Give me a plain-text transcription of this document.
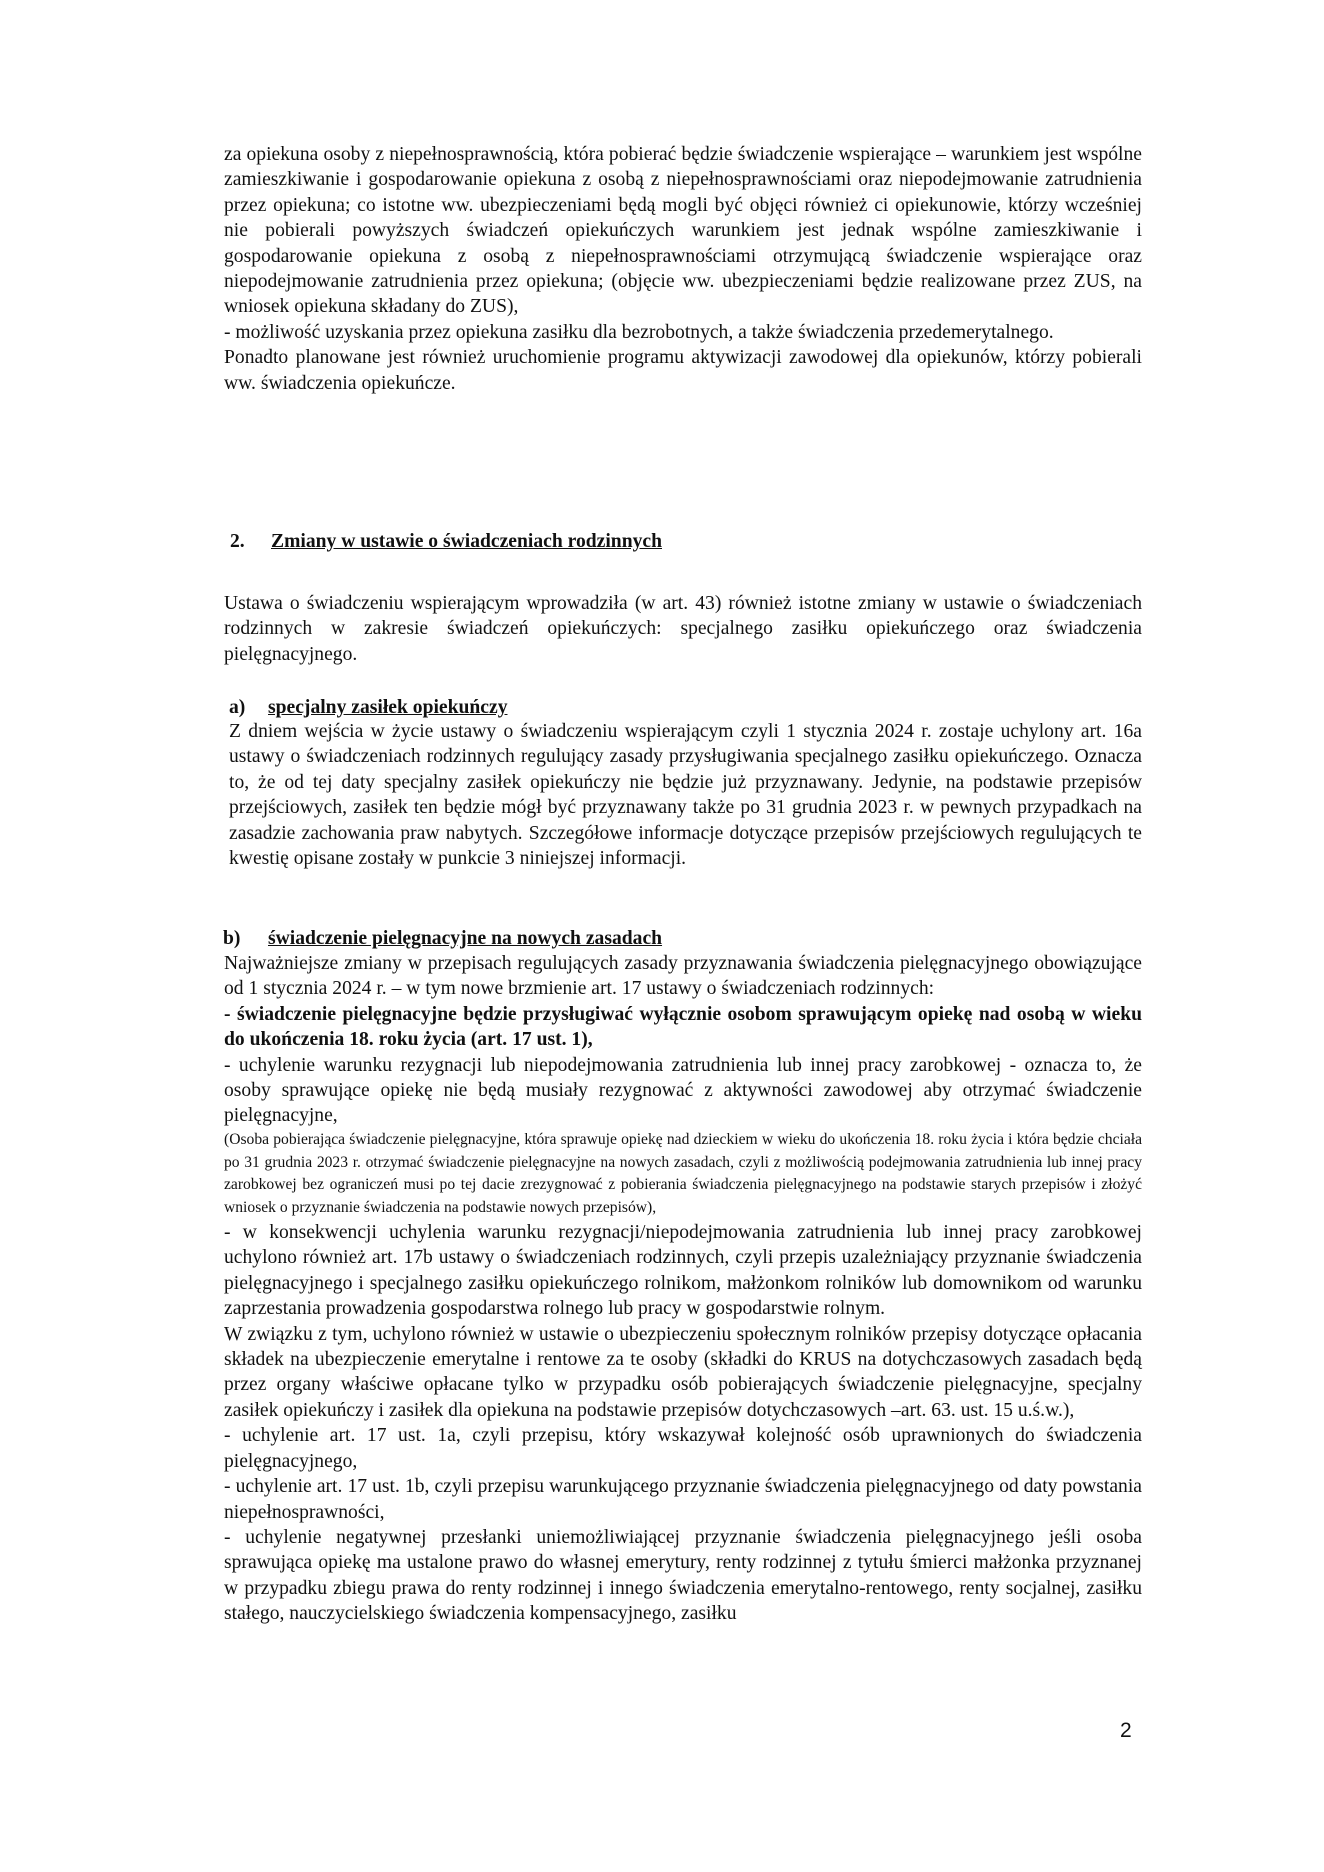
za opiekuna osoby z niepełnosprawnością, która pobierać będzie świadczenie wspierające – warunkiem jest wspólne zamieszkiwanie i gospodarowanie opiekuna z osobą z niepełnosprawnościami oraz niepodejmowanie zatrudnienia przez opiekuna; co istotne ww. ubezpieczeniami będą mogli być objęci również ci opiekunowie, którzy wcześniej nie pobierali powyższych świadczeń opiekuńczych warunkiem jest jednak wspólne zamieszkiwanie i gospodarowanie opiekuna z osobą z niepełnosprawnościami otrzymującą świadczenie wspierające oraz niepodejmowanie zatrudnienia przez opiekuna; (objęcie ww. ubezpieczeniami będzie realizowane przez ZUS, na wniosek opiekuna składany do ZUS),

- możliwość uzyskania przez opiekuna zasiłku dla bezrobotnych, a także świadczenia przedemerytalnego.

Ponadto planowane jest również uruchomienie programu aktywizacji zawodowej dla opiekunów, którzy pobierali ww. świadczenia opiekuńcze.

2. Zmiany w ustawie o świadczeniach rodzinnych

Ustawa o świadczeniu wspierającym wprowadziła (w art. 43) również istotne zmiany w ustawie o świadczeniach rodzinnych w zakresie świadczeń opiekuńczych: specjalnego zasiłku opiekuńczego oraz świadczenia pielęgnacyjnego.

a) specjalny zasiłek opiekuńczy

Z dniem wejścia w życie ustawy o świadczeniu wspierającym czyli 1 stycznia 2024 r. zostaje uchylony art. 16a ustawy o świadczeniach rodzinnych regulujący zasady przysługiwania specjalnego zasiłku opiekuńczego. Oznacza to, że od tej daty specjalny zasiłek opiekuńczy nie będzie już przyznawany. Jedynie, na podstawie przepisów przejściowych, zasiłek ten będzie mógł być przyznawany także po 31 grudnia 2023 r. w pewnych przypadkach na zasadzie zachowania praw nabytych. Szczegółowe informacje dotyczące przepisów przejściowych regulujących te kwestię opisane zostały w punkcie 3 niniejszej informacji.

b) świadczenie pielęgnacyjne na nowych zasadach

Najważniejsze zmiany w przepisach regulujących zasady przyznawania świadczenia pielęgnacyjnego obowiązujące od 1 stycznia 2024 r. – w tym nowe brzmienie art. 17 ustawy o świadczeniach rodzinnych:

- świadczenie pielęgnacyjne będzie przysługiwać wyłącznie osobom sprawującym opiekę nad osobą w wieku do ukończenia 18. roku życia (art. 17 ust. 1),

- uchylenie warunku rezygnacji lub niepodejmowania zatrudnienia lub innej pracy zarobkowej - oznacza to, że osoby sprawujące opiekę nie będą musiały rezygnować z aktywności zawodowej aby otrzymać świadczenie pielęgnacyjne,

(Osoba pobierająca świadczenie pielęgnacyjne, która sprawuje opiekę nad dzieckiem w wieku do ukończenia 18. roku życia i która będzie chciała po 31 grudnia 2023 r. otrzymać świadczenie pielęgnacyjne na nowych zasadach, czyli z możliwością podejmowania zatrudnienia lub innej pracy zarobkowej bez ograniczeń musi po tej dacie zrezygnować z pobierania świadczenia pielęgnacyjnego na podstawie starych przepisów i złożyć wniosek o przyznanie świadczenia na podstawie nowych przepisów),

- w konsekwencji uchylenia warunku rezygnacji/niepodejmowania zatrudnienia lub innej pracy zarobkowej uchylono również art. 17b ustawy o świadczeniach rodzinnych, czyli przepis uzależniający przyznanie świadczenia pielęgnacyjnego i specjalnego zasiłku opiekuńczego rolnikom, małżonkom rolników lub domownikom od warunku zaprzestania prowadzenia gospodarstwa rolnego lub pracy w gospodarstwie rolnym.

W związku z tym, uchylono również w ustawie o ubezpieczeniu społecznym rolników przepisy dotyczące opłacania składek na ubezpieczenie emerytalne i rentowe za te osoby (składki do KRUS na dotychczasowych zasadach będą przez organy właściwe opłacane tylko w przypadku osób pobierających świadczenie pielęgnacyjne, specjalny zasiłek opiekuńczy i zasiłek dla opiekuna na podstawie przepisów dotychczasowych –art. 63. ust. 15 u.ś.w.),

- uchylenie art. 17 ust. 1a, czyli przepisu, który wskazywał kolejność osób uprawnionych do świadczenia pielęgnacyjnego,

- uchylenie art. 17 ust. 1b, czyli przepisu warunkującego przyznanie świadczenia pielęgnacyjnego od daty powstania niepełnosprawności,

- uchylenie negatywnej przesłanki uniemożliwiającej przyznanie świadczenia pielęgnacyjnego jeśli osoba sprawująca opiekę ma ustalone prawo do własnej emerytury, renty rodzinnej z tytułu śmierci małżonka przyznanej w przypadku zbiegu prawa do renty rodzinnej i innego świadczenia emerytalno-rentowego, renty socjalnej, zasiłku stałego, nauczycielskiego świadczenia kompensacyjnego, zasiłku

2
